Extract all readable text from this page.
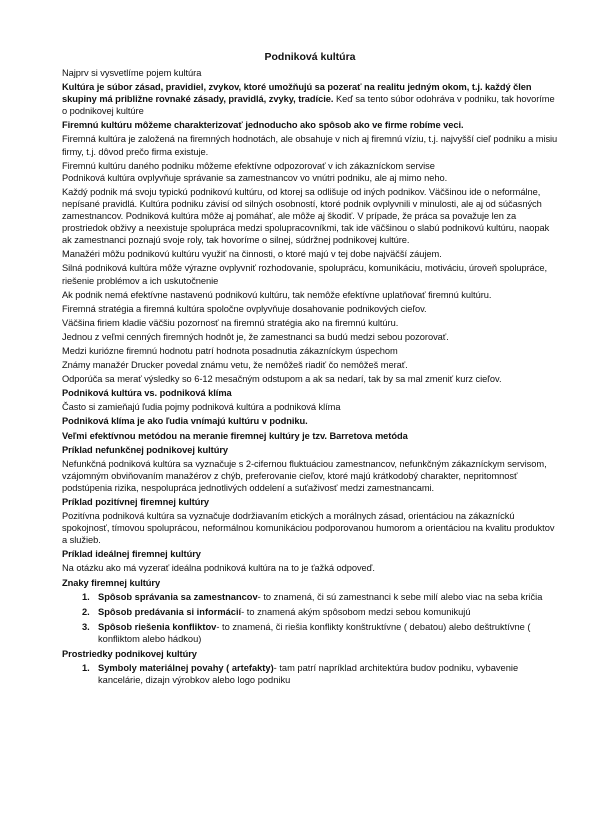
Podniková kultúra
Najprv si vysvetlíme pojem kultúra
Kultúra je súbor zásad, pravidiel, zvykov, ktoré umožňujú sa pozerať na realitu jedným okom, t.j. každý člen skupiny má približne rovnaké zásady, pravidlá, zvyky, tradície. Keď sa tento súbor odohráva v podniku, tak hovoríme o podnikovej kultúre
Firemnú kultúru môžeme charakterizovať jednoducho ako spôsob ako ve firme robíme veci.
Firemná kultúra je založená na firemných hodnotách, ale obsahuje v nich aj firemnú víziu, t.j. najvyšší cieľ podniku a misiu firmy, t.j. dôvod prečo firma existuje.
Firemnú kultúru daného podniku môžeme efektívne odpozorovať v ich zákazníckom servise
Podniková kultúra ovplyvňuje správanie sa zamestnancov vo vnútri podniku, ale aj mimo neho.
Každý podnik má svoju typickú podnikovú kultúru, od ktorej sa odlišuje od iných podnikov. Väčšinou ide o neformálne, nepísané pravidlá. Kultúra podniku závisí od silných osobností, ktoré podnik ovplyvnili v minulosti, ale aj od súčasných zamestnancov. Podniková kultúra môže aj pomáhať, ale môže aj škodiť. V prípade, že práca sa považuje len za prostriedok obživy a neexistuje spolupráca medzi spolupracovníkmi, tak ide väčšinou o slabú podnikovú kultúru, naopak ak zamestnanci poznajú svoje roly, tak hovoríme o silnej, súdržnej podnikovej kultúre.
Manažéri môžu podnikovú kultúru využiť na činnosti, o ktoré majú v tej dobe najväčší záujem.
Silná podniková kultúra môže výrazne ovplyvniť rozhodovanie, spoluprácu, komunikáciu, motiváciu, úroveň spolupráce, riešenie problémov a ich uskutočnenie
Ak podnik nemá efektívne nastavenú podnikovú kultúru, tak nemôže efektívne uplatňovať firemnú kultúru.
Firemná stratégia a firemná kultúra spoločne ovplyvňuje dosahovanie podnikových cieľov.
Väčšina firiem kladie väčšiu pozornosť na firemnú stratégia ako na firemnú kultúru.
Jednou z veľmi cenných firemných hodnôt je, že zamestnanci sa budú medzi sebou pozorovať.
Medzi kuriózne firemnú hodnotu patrí hodnota posadnutia zákazníckym úspechom
Známy manažér Drucker povedal známu vetu, že nemôžeš riadiť čo nemôžeš merať.
Odporúča sa merať výsledky so 6-12 mesačným odstupom a ak sa nedarí, tak by sa mal zmeniť kurz cieľov.
Podniková kultúra vs. podniková klíma
Často si zamieňajú ľudia pojmy podniková kultúra a podniková klíma
Podniková klíma je ako ľudia vnímajú kultúru v podniku.
Veľmi efektívnou metódou na meranie firemnej kultúry je tzv. Barretova metóda
Príklad nefunkčnej podnikovej kultúry
Nefunkčná podniková kultúra sa vyznačuje s 2-cifernou fluktuáciou zamestnancov, nefunkčným zákazníckym servisom, vzájomným obviňovaním manažérov z chýb, preferovanie cieľov, ktoré majú krátkodobý charakter, nepritomnosť podstúpenia rizika, nespolupráca jednotlivých oddelení a suťaživosť medzi zamestnancami.
Príklad pozitívnej firemnej kultúry
Pozitívna podniková kultúra sa vyznačuje dodržiavaním etických a morálnych zásad, orientáciou na zákazníckú spokojnosť, tímovou spoluprácou, neformálnou komunikáciou podporovanou humorom a orientáciou na kvalitu produktov a služieb.
Príklad ideálnej firemnej kultúry
Na otázku ako má vyzerať ideálna podniková kultúra na to je ťažká odpoveď.
Znaky firemnej kultúry
1. Spôsob správania sa zamestnancov- to znamená, či sú zamestnanci k sebe milí alebo viac na seba kričia
2. Spôsob predávania si informácií- to znamená akým spôsobom medzi sebou komunikujú
3. Spôsob riešenia konfliktov- to znamená, či riešia konflikty konštruktívne ( debatou) alebo deštruktívne ( konfliktom alebo hádkou)
Prostriedky podnikovej kultúry
1. Symboly materiálnej povahy ( artefakty)- tam patrí napríklad architektúra budov podniku, vybavenie kancelárie, dizajn výrobkov alebo logo podniku
